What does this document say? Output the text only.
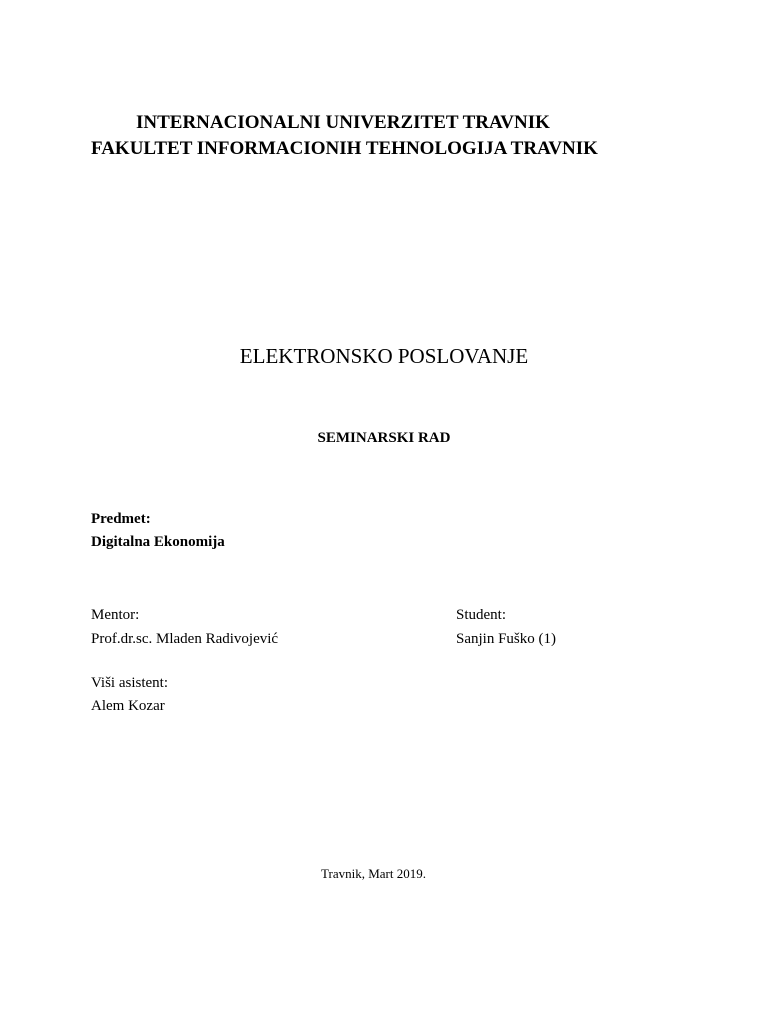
INTERNACIONALNI UNIVERZITET TRAVNIK
FAKULTET INFORMACIONIH TEHNOLOGIJA TRAVNIK
ELEKTRONSKO POSLOVANJE
SEMINARSKI RAD
Predmet:
Digitalna Ekonomija
Mentor:
Prof.dr.sc. Mladen Radivojević
Student:
Sanjin Fuško (1)
Viši asistent:
Alem Kozar
Travnik, Mart 2019.
